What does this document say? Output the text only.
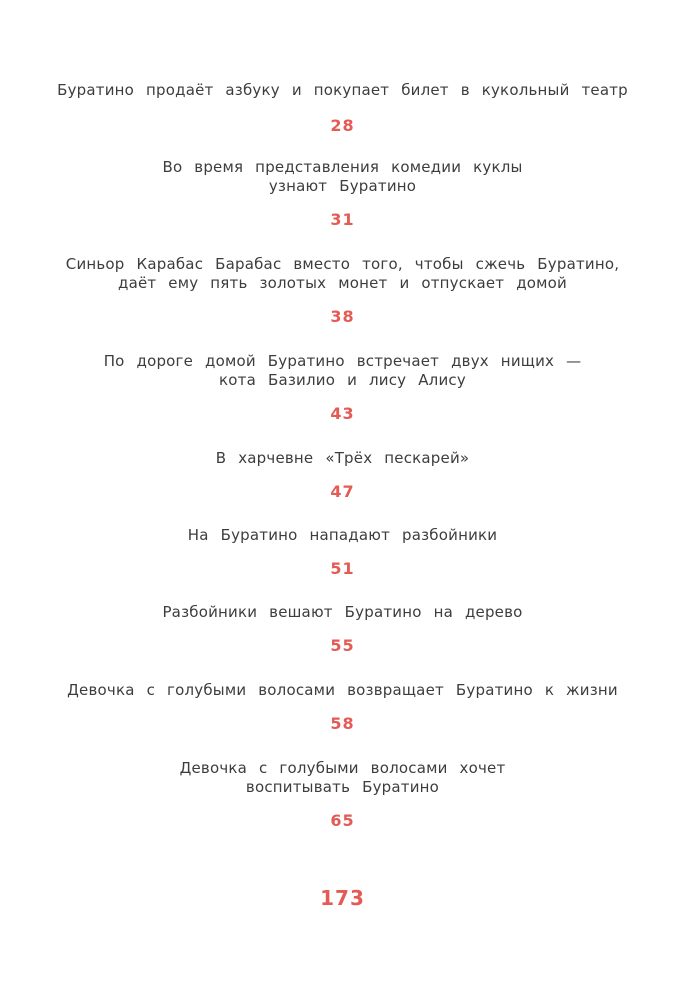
Буратино продаёт азбуку и покупает билет в кукольный театр
28
Во время представления комедии куклы
узнают Буратино
31
Синьор Карабас Барабас вместо того, чтобы сжечь Буратино,
даёт ему пять золотых монет и отпускает домой
38
По дороге домой Буратино встречает двух нищих —
кота Базилио и лису Алису
43
В харчевне «Трёх пескарей»
47
На Буратино нападают разбойники
51
Разбойники вешают Буратино на дерево
55
Девочка с голубыми волосами возвращает Буратино к жизни
58
Девочка с голубыми волосами хочет
воспитывать Буратино
65
173
